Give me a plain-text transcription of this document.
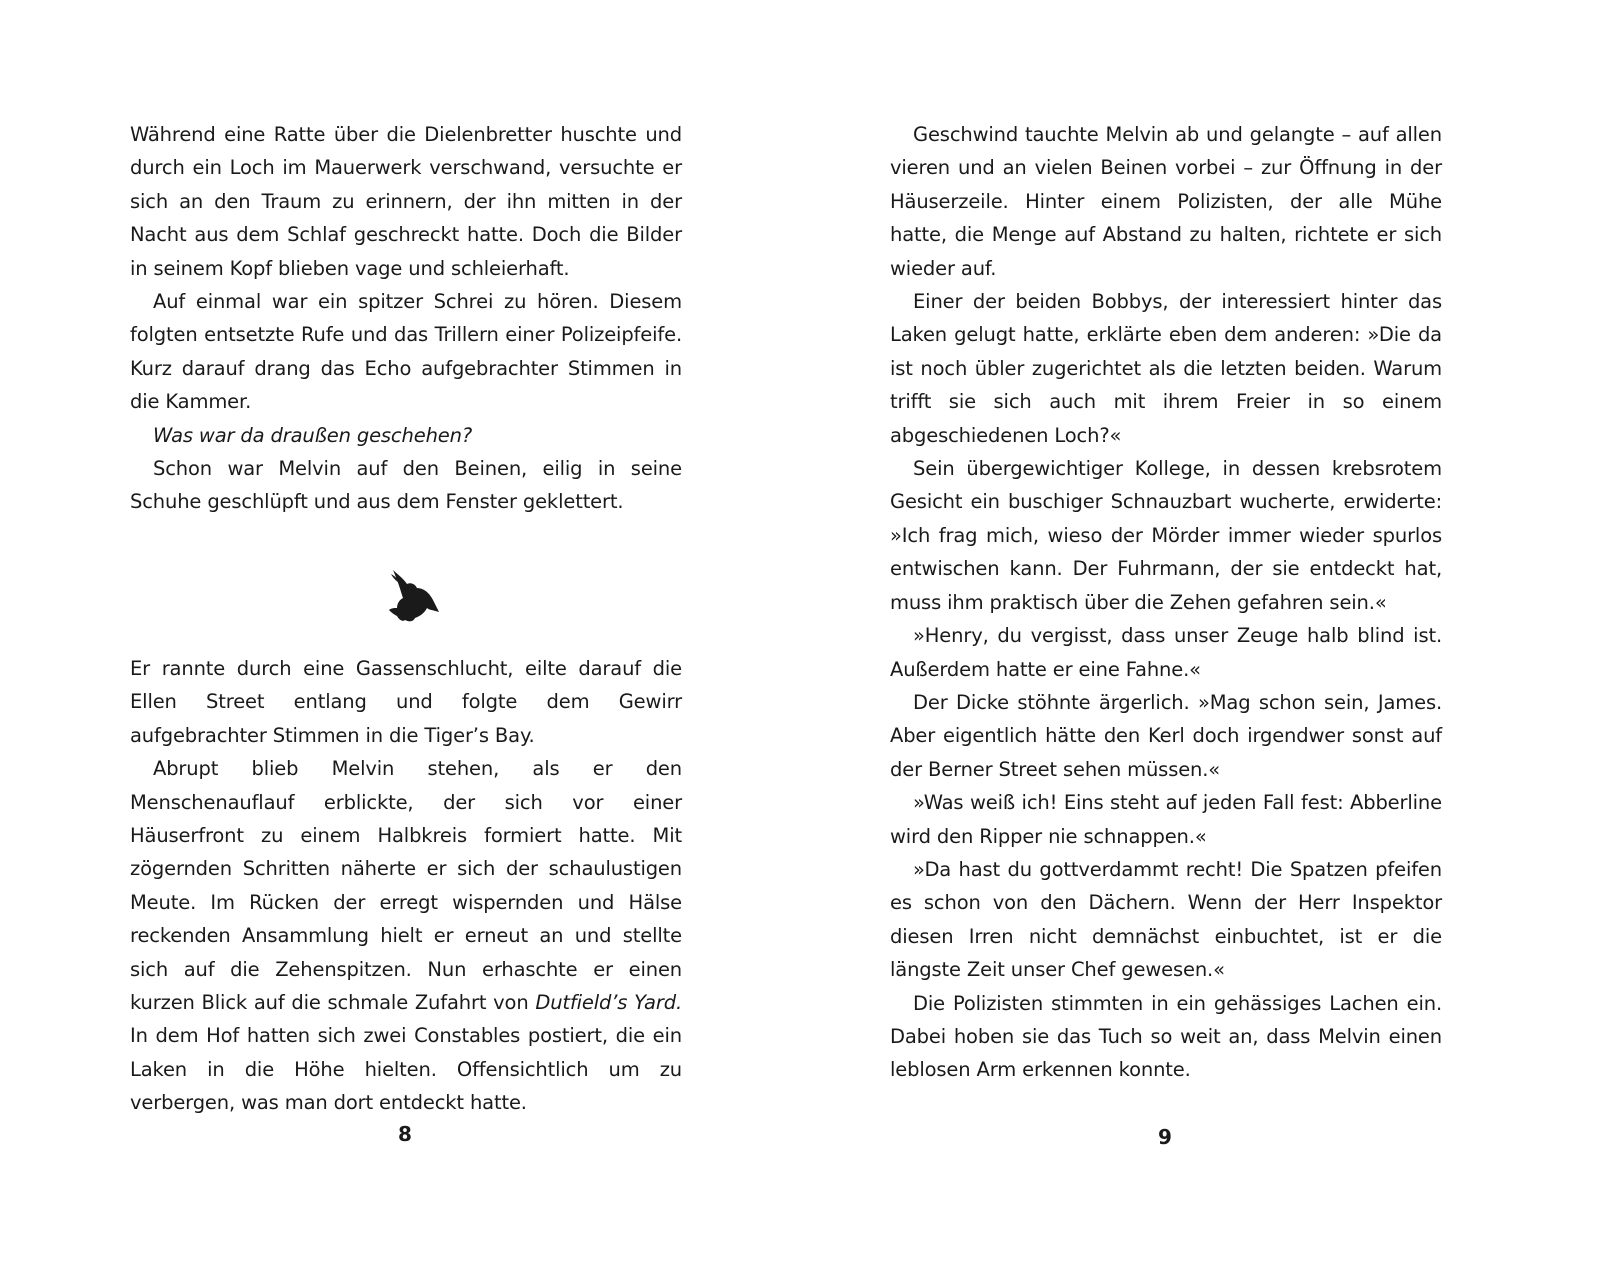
Während eine Ratte über die Dielenbretter huschte und durch ein Loch im Mauerwerk verschwand, versuchte er sich an den Traum zu erinnern, der ihn mitten in der Nacht aus dem Schlaf geschreckt hatte. Doch die Bilder in seinem Kopf blieben vage und schleierhaft.

Auf einmal war ein spitzer Schrei zu hören. Diesem folgten entsetzte Rufe und das Trillern einer Polizeipfeife. Kurz darauf drang das Echo aufgebrachter Stimmen in die Kammer.

Was war da draußen geschehen?

Schon war Melvin auf den Beinen, eilig in seine Schuhe geschlüpft und aus dem Fenster geklettert.

Er rannte durch eine Gassenschlucht, eilte darauf die Ellen Street entlang und folgte dem Gewirr aufgebrachter Stimmen in die Tiger’s Bay.

Abrupt blieb Melvin stehen, als er den Menschenauflauf erblickte, der sich vor einer Häuserfront zu einem Halbkreis formiert hatte. Mit zögernden Schritten näherte er sich der schaulustigen Meute. Im Rücken der erregt wispernden und Hälse reckenden Ansammlung hielt er erneut an und stellte sich auf die Zehenspitzen. Nun erhaschte er einen kurzen Blick auf die schmale Zufahrt von Dutfield’s Yard. In dem Hof hatten sich zwei Constables postiert, die ein Laken in die Höhe hielten. Offensichtlich um zu verbergen, was man dort entdeckt hatte.

8

Geschwind tauchte Melvin ab und gelangte – auf allen vieren und an vielen Beinen vorbei – zur Öffnung in der Häuserzeile. Hinter einem Polizisten, der alle Mühe hatte, die Menge auf Abstand zu halten, richtete er sich wieder auf.

Einer der beiden Bobbys, der interessiert hinter das Laken gelugt hatte, erklärte eben dem anderen: »Die da ist noch übler zugerichtet als die letzten beiden. Warum trifft sie sich auch mit ihrem Freier in so einem abgeschiedenen Loch?«

Sein übergewichtiger Kollege, in dessen krebsrotem Gesicht ein buschiger Schnauzbart wucherte, erwiderte: »Ich frag mich, wieso der Mörder immer wieder spurlos entwischen kann. Der Fuhrmann, der sie entdeckt hat, muss ihm praktisch über die Zehen gefahren sein.«

»Henry, du vergisst, dass unser Zeuge halb blind ist. Außerdem hatte er eine Fahne.«

Der Dicke stöhnte ärgerlich. »Mag schon sein, James. Aber eigentlich hätte den Kerl doch irgendwer sonst auf der Berner Street sehen müssen.«

»Was weiß ich! Eins steht auf jeden Fall fest: Abberline wird den Ripper nie schnappen.«

»Da hast du gottverdammt recht! Die Spatzen pfeifen es schon von den Dächern. Wenn der Herr Inspektor diesen Irren nicht demnächst einbuchtet, ist er die längste Zeit unser Chef gewesen.«

Die Polizisten stimmten in ein gehässiges Lachen ein. Dabei hoben sie das Tuch so weit an, dass Melvin einen leblosen Arm erkennen konnte.

9
